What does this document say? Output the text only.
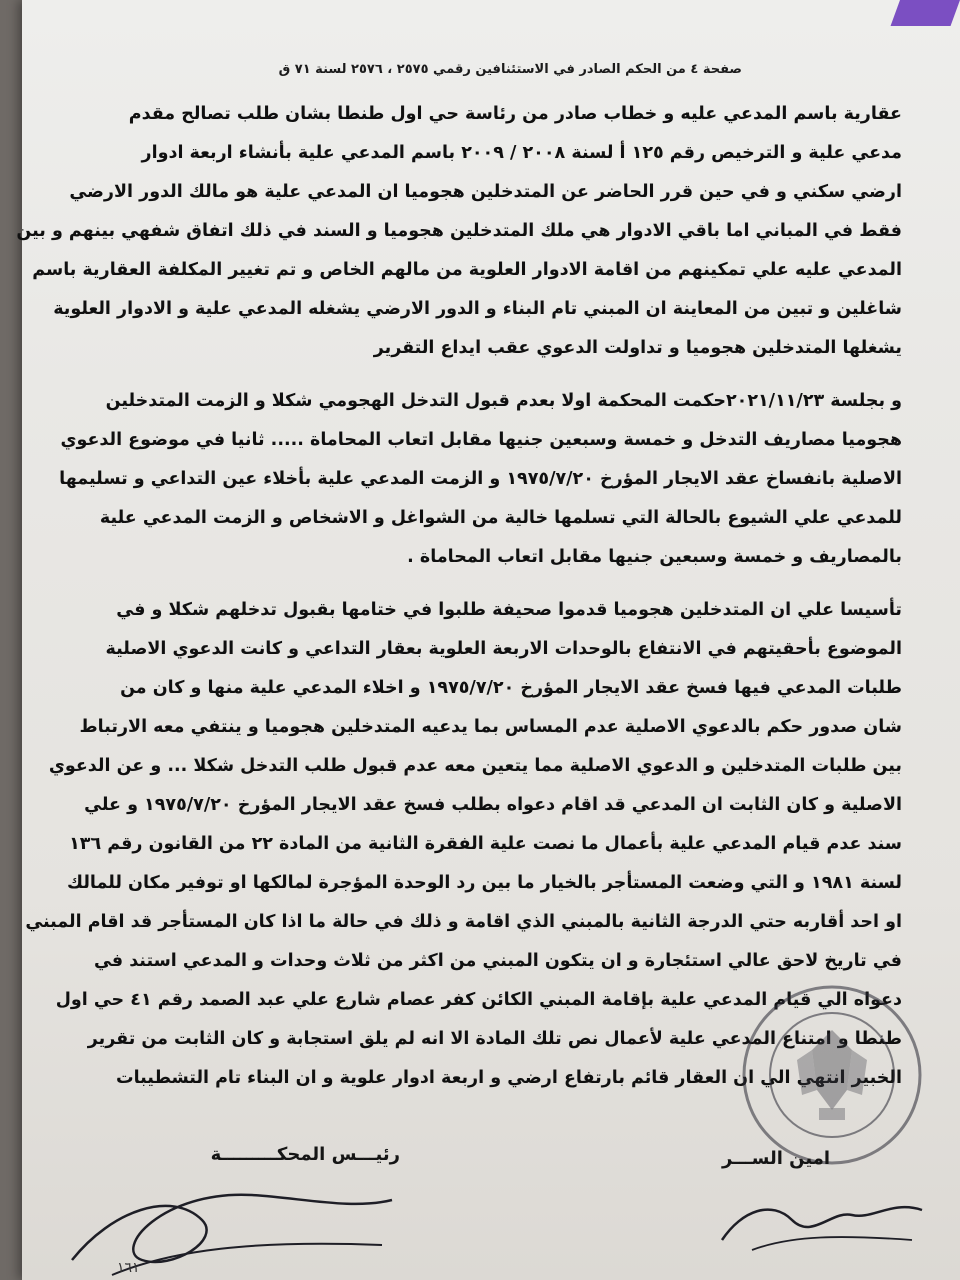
صفحة ٤ من الحكم الصادر في الاستئنافين رقمي ٢٥٧٥ ، ٢٥٧٦ لسنة ٧١ ق

عقارية باسم المدعي عليه و خطاب صادر من رئاسة حي اول طنطا بشان طلب تصالح مقدم
مدعي علية و الترخيص رقم ١٢٥ أ لسنة ٢٠٠٨ / ٢٠٠٩ باسم المدعي علية بأنشاء اربعة ادوار
ارضي سكني و في حين قرر الحاضر عن المتدخلين هجوميا ان المدعي علية هو مالك الدور الارضي
فقط في المباني اما باقي الادوار هي ملك المتدخلين هجوميا و السند في ذلك اتفاق شفهي بينهم و بين
المدعي عليه علي تمكينهم من اقامة الادوار العلوية من مالهم الخاص و تم تغيير المكلفة العقارية باسم
شاغلين و تبين من المعاينة ان المبني تام البناء و الدور الارضي يشغله المدعي علية و الادوار العلوية
يشغلها المتدخلين هجوميا و تداولت الدعوي عقب ايداع التقرير

و بجلسة ٢٠٢١/١١/٢٣حكمت المحكمة اولا بعدم قبول التدخل الهجومي شكلا و الزمت المتدخلين
هجوميا مصاريف التدخل و خمسة وسبعين جنيها مقابل اتعاب المحاماة ..... ثانيا في موضوع الدعوي
الاصلية بانفساخ عقد الايجار المؤرخ ١٩٧٥/٧/٢٠ و الزمت المدعي علية بأخلاء عين التداعي و تسليمها
للمدعي علي الشيوع بالحالة التي تسلمها خالية من الشواغل و الاشخاص و الزمت المدعي علية
بالمصاريف و خمسة وسبعين جنيها مقابل اتعاب المحاماة .

تأسيسا علي ان المتدخلين هجوميا قدموا صحيفة طلبوا في ختامها بقبول تدخلهم شكلا و في
الموضوع بأحقيتهم في الانتفاع بالوحدات الاربعة العلوية بعقار التداعي و كانت الدعوي الاصلية
طلبات المدعي فيها فسخ عقد الايجار المؤرخ ١٩٧٥/٧/٢٠ و اخلاء المدعي علية منها و كان من
شان صدور حكم بالدعوي الاصلية عدم المساس بما يدعيه المتدخلين هجوميا و ينتفي معه الارتباط
بين طلبات المتدخلين و الدعوي الاصلية مما يتعين معه عدم قبول طلب التدخل شكلا ... و عن الدعوي
الاصلية و كان الثابت ان المدعي قد اقام دعواه بطلب فسخ عقد الايجار المؤرخ ١٩٧٥/٧/٢٠ و علي
سند عدم قيام المدعي علية بأعمال ما نصت علية الفقرة الثانية من المادة ٢٢ من القانون رقم ١٣٦
لسنة ١٩٨١ و التي وضعت المستأجر بالخيار ما بين رد الوحدة المؤجرة لمالكها او توفير مكان للمالك
او احد أقاربه حتي الدرجة الثانية بالمبني الذي اقامة و ذلك في حالة ما اذا كان المستأجر قد اقام المبني
في تاريخ لاحق عالي استئجارة و ان يتكون المبني من اكثر من ثلاث وحدات و المدعي استند في
دعواه الي قيام المدعي علية بإقامة المبني الكائن كفر عصام شارع علي عبد الصمد رقم ٤١ حي اول
طنطا و امتناع المدعي علية لأعمال نص تلك المادة الا انه لم يلق استجابة و كان الثابت من تقرير
الخبير انتهي الي ان العقار قائم بارتفاع ارضي و اربعة ادوار علوية و ان البناء تام التشطيبات

رئيـــس المحكـــــــــة	امين الســـر
١٦١
